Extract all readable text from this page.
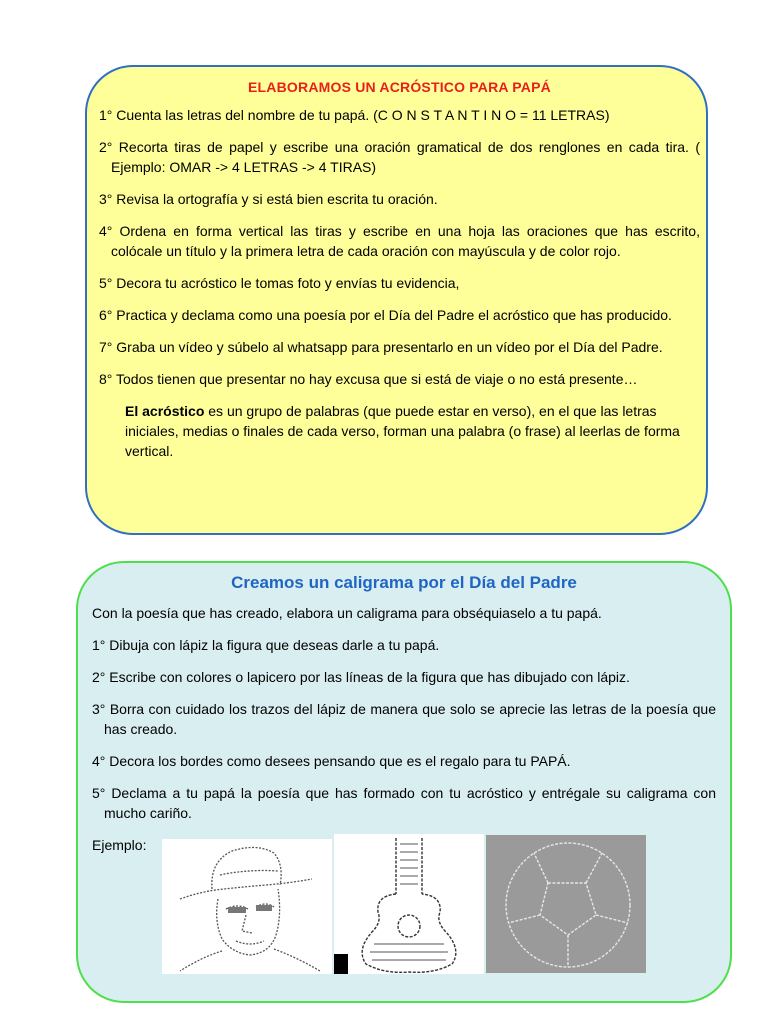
ELABORAMOS UN ACRÓSTICO PARA PAPÁ

1° Cuenta las letras del nombre de tu papá. (C O N S T A N T I N O = 11 LETRAS)

2° Recorta tiras de papel y escribe una oración gramatical de dos renglones en cada tira. ( Ejemplo: OMAR -> 4 LETRAS -> 4 TIRAS)

3° Revisa la ortografía y si está bien escrita tu oración.

4° Ordena en forma vertical las tiras y escribe en una hoja las oraciones que has escrito, colócale un título y la primera letra de cada oración con mayúscula y de color rojo.

5° Decora tu acróstico le tomas foto y envías tu evidencia,

6° Practica y declama como una poesía por el Día del Padre el acróstico que has producido.

7° Graba un vídeo y súbelo al whatsapp para presentarlo en un vídeo por el Día del Padre.

8° Todos tienen que presentar no hay excusa que si está de viaje o no está presente…

El acróstico es un grupo de palabras (que puede estar en verso), en el que las letras iniciales, medias o finales de cada verso, forman una palabra (o frase) al leerlas de forma vertical.

Creamos un caligrama por el Día del Padre

Con la poesía que has creado, elabora un caligrama para obséquiaselo a tu papá.

1° Dibuja con lápiz la figura que deseas darle a tu papá.

2° Escribe con colores o lapicero por las líneas de la figura que has dibujado con lápiz.

3° Borra con cuidado los trazos del lápiz de manera que solo se aprecie las letras de la poesía que has creado.

4° Decora los bordes como desees pensando que es el regalo para tu PAPÁ.

5° Declama a tu papá la poesía que has formado con tu acróstico y entrégale su caligrama con mucho cariño.

Ejemplo:
